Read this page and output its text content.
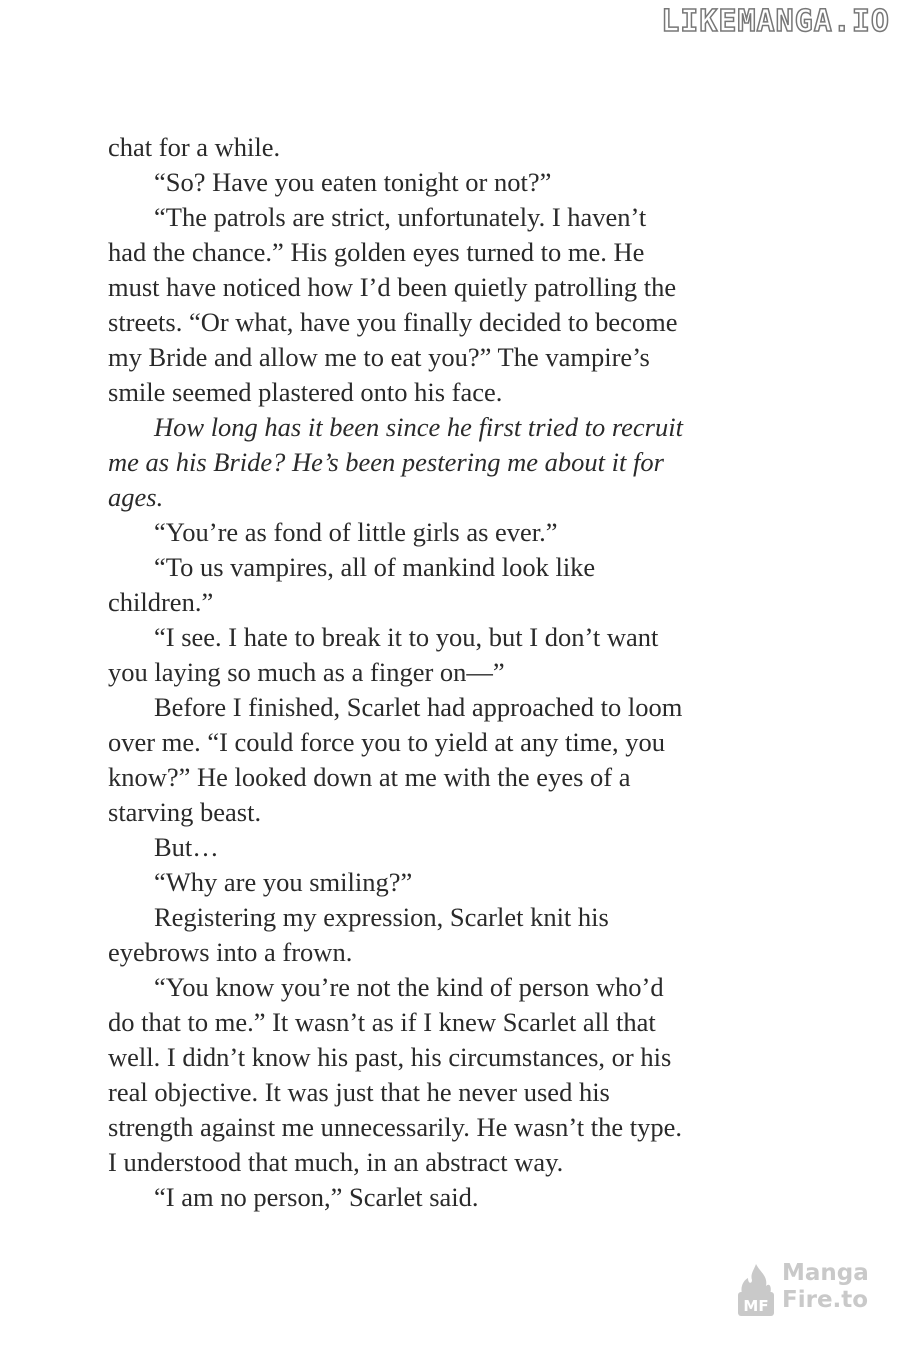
LIKEMANGA.IO

chat for a while.

“So? Have you eaten tonight or not?”

“The patrols are strict, unfortunately. I haven’t had the chance.” His golden eyes turned to me. He must have noticed how I’d been quietly patrolling the streets. “Or what, have you finally decided to become my Bride and allow me to eat you?” The vampire’s smile seemed plastered onto his face.

How long has it been since he first tried to recruit me as his Bride? He’s been pestering me about it for ages.

“You’re as fond of little girls as ever.”

“To us vampires, all of mankind look like children.”

“I see. I hate to break it to you, but I don’t want you laying so much as a finger on—”

Before I finished, Scarlet had approached to loom over me. “I could force you to yield at any time, you know?” He looked down at me with the eyes of a starving beast.

But…

“Why are you smiling?”

Registering my expression, Scarlet knit his eyebrows into a frown.

“You know you’re not the kind of person who’d do that to me.” It wasn’t as if I knew Scarlet all that well. I didn’t know his past, his circumstances, or his real objective. It was just that he never used his strength against me unnecessarily. He wasn’t the type. I understood that much, in an abstract way.

“I am no person,” Scarlet said.

MF
Manga
Fire.to
